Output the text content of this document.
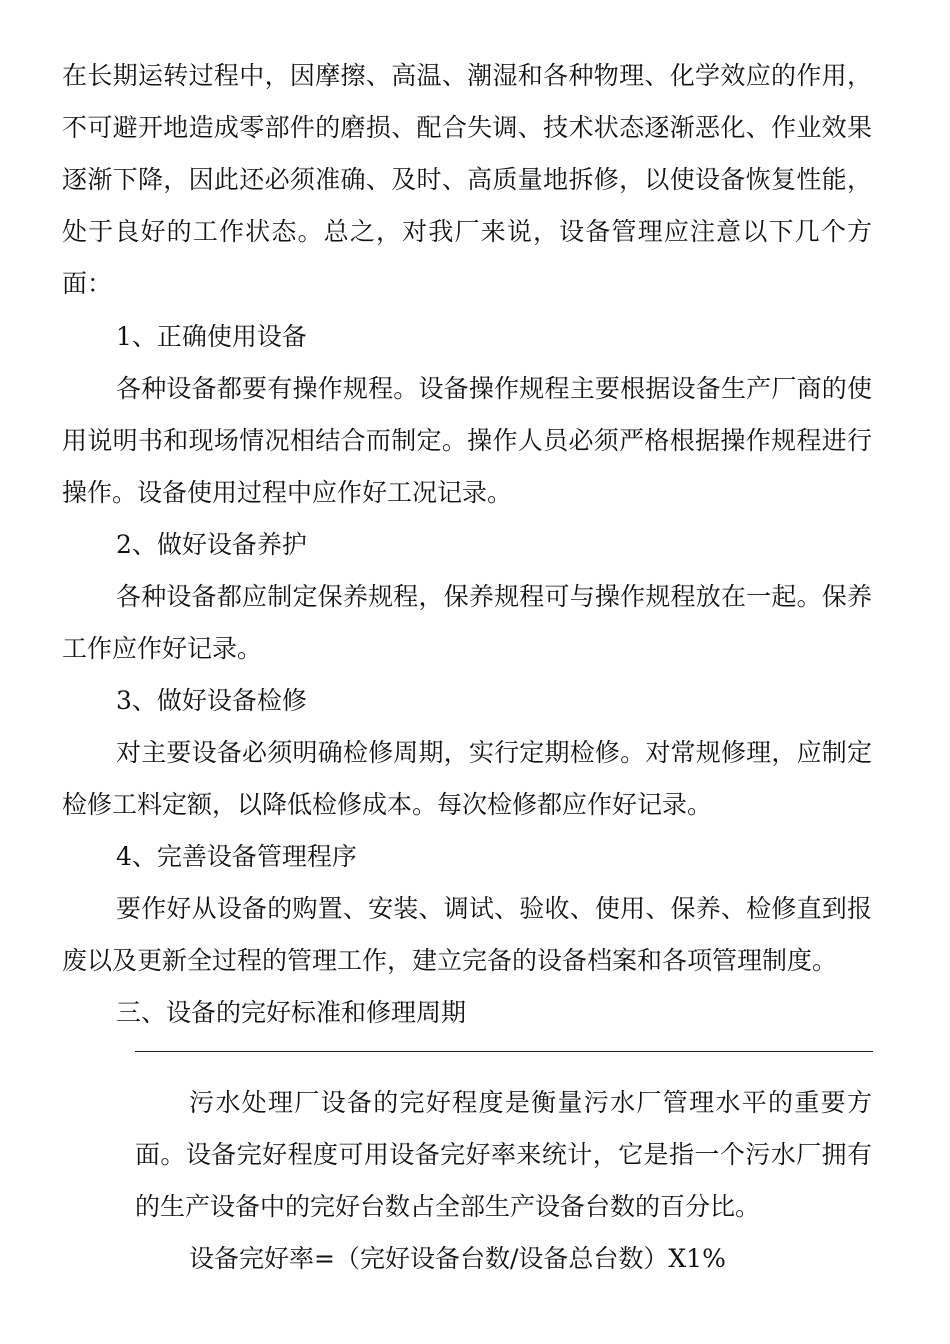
在长期运转过程中，因摩擦、高温、潮湿和各种物理、化学效应的作用，不可避开地造成零部件的磨损、配合失调、技术状态逐渐恶化、作业效果逐渐下降，因此还必须准确、及时、高质量地拆修，以使设备恢复性能，处于良好的工作状态。总之，对我厂来说，设备管理应注意以下几个方面：

1、正确使用设备

各种设备都要有操作规程。设备操作规程主要根据设备生产厂商的使用说明书和现场情况相结合而制定。操作人员必须严格根据操作规程进行操作。设备使用过程中应作好工况记录。

2、做好设备养护

各种设备都应制定保养规程，保养规程可与操作规程放在一起。保养工作应作好记录。

3、做好设备检修

对主要设备必须明确检修周期，实行定期检修。对常规修理，应制定检修工料定额，以降低检修成本。每次检修都应作好记录。

4、完善设备管理程序

要作好从设备的购置、安装、调试、验收、使用、保养、检修直到报废以及更新全过程的管理工作，建立完备的设备档案和各项管理制度。

三、设备的完好标准和修理周期

污水处理厂设备的完好程度是衡量污水厂管理水平的重要方面。设备完好程度可用设备完好率来统计，它是指一个污水厂拥有的生产设备中的完好台数占全部生产设备台数的百分比。

设备完好率=（完好设备台数/设备总台数）X1%
